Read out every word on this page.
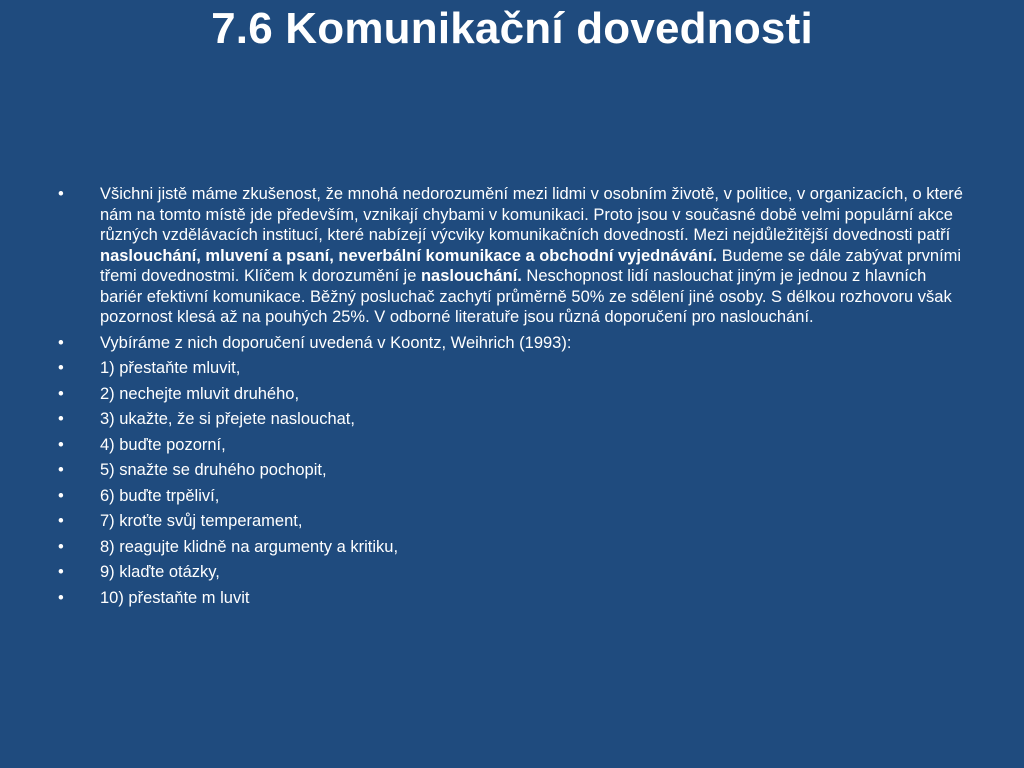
7.6 Komunikační dovednosti
•	Všichni jistě máme zkušenost, že mnohá nedorozumění mezi lidmi v osobním životě, v politice, v organizacích, o které nám na tomto místě jde především, vznikají chybami v komunikaci. Proto jsou v současné době velmi populární akce různých vzdělávacích institucí, které nabízejí výcviky komunikačních dovedností. Mezi nejdůležitější dovednosti patří naslouchání, mluvení a psaní, neverbální komunikace a obchodní vyjednávání. Budeme se dále zabývat prvními třemi dovednostmi. Klíčem k dorozumění je naslouchání. Neschopnost lidí naslouchat jiným je jednou z hlavních bariér efektivní komunikace. Běžný posluchač zachytí průměrně 50% ze sdělení jiné osoby. S délkou rozhovoru však pozornost klesá až na pouhých 25%. V odborné literatuře jsou různá doporučení pro naslouchání.
•	Vybíráme z nich doporučení uvedená v Koontz, Weihrich (1993):
•	1) přestaňte mluvit,
•	2) nechejte mluvit druhého,
•	3) ukažte, že si přejete naslouchat,
•	4) buďte pozorní,
•	5) snažte se druhého pochopit,
•	6) buďte trpěliví,
•	7) kroťte svůj temperament,
•	8) reagujte klidně na argumenty a kritiku,
•	9) klaďte otázky,
•	10) přestaňte m luvit
